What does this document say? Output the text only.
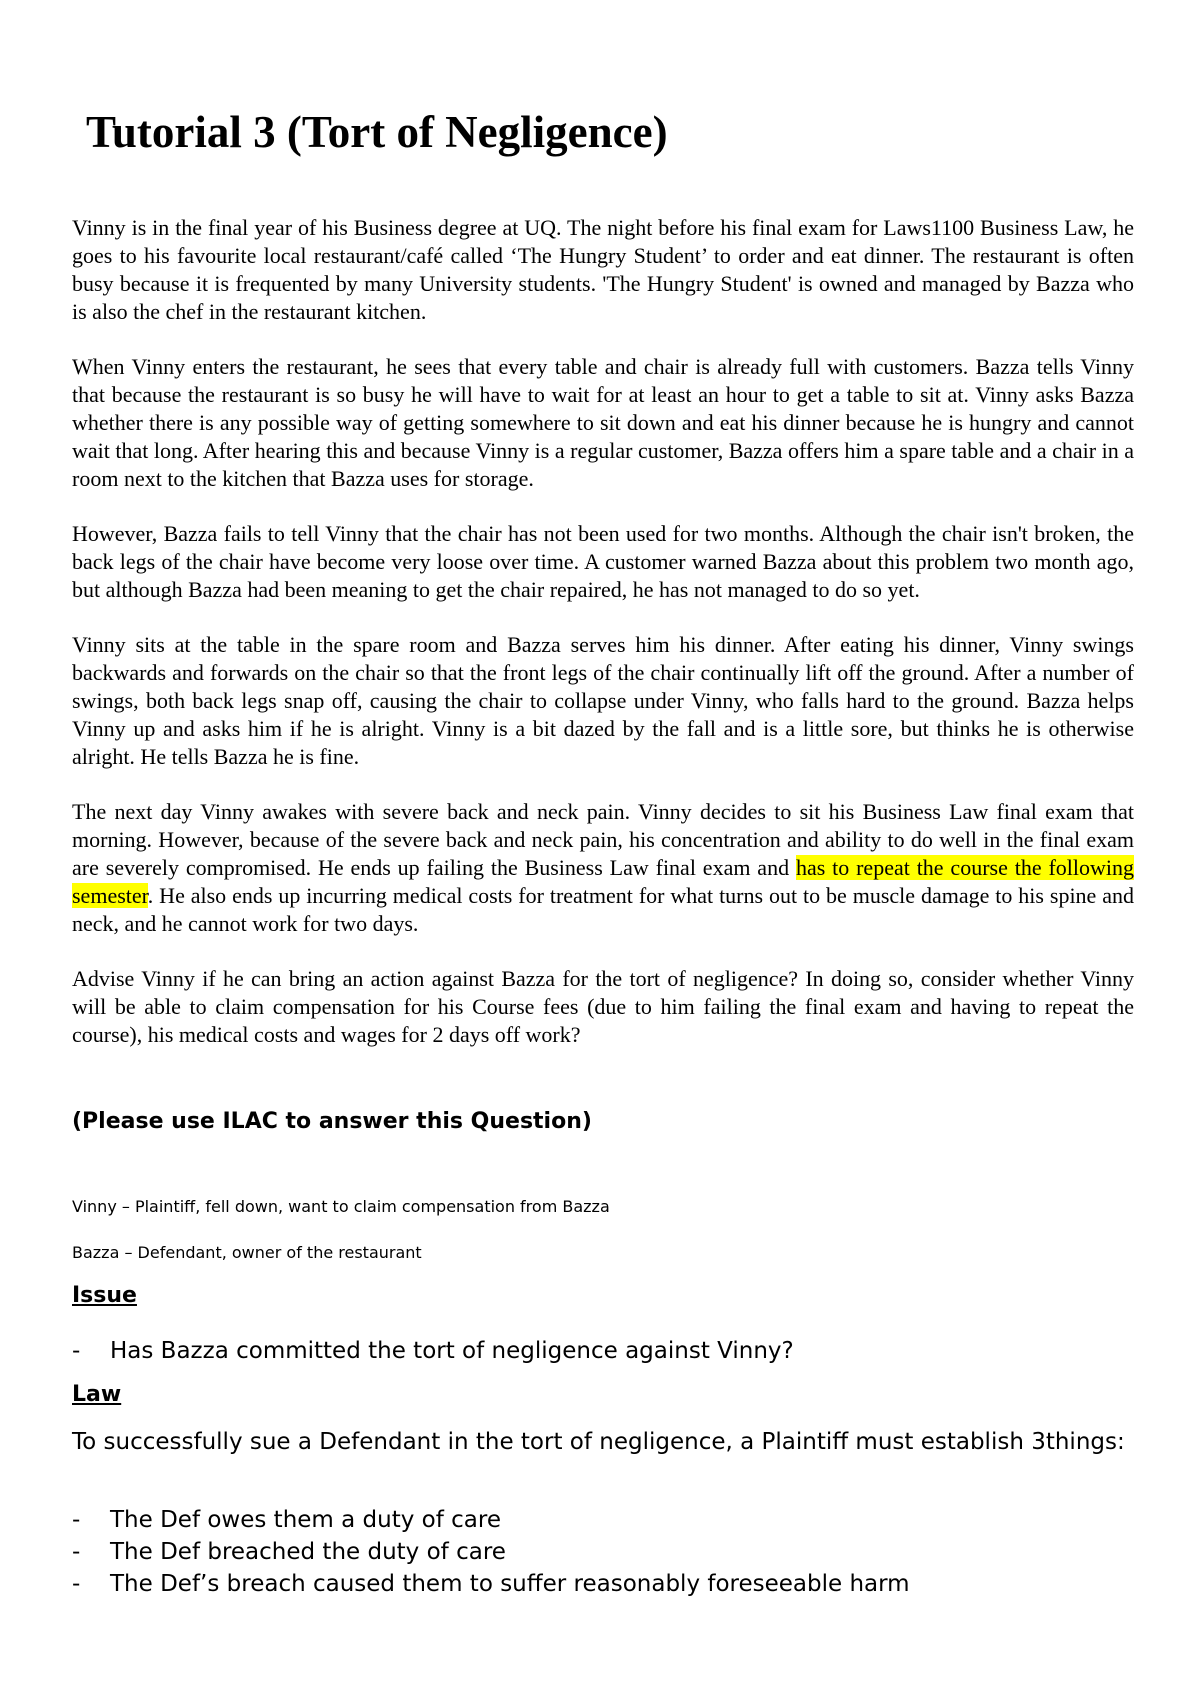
Tutorial 3 (Tort of Negligence)

Vinny is in the final year of his Business degree at UQ. The night before his final exam for Laws1100 Business Law, he goes to his favourite local restaurant/café called ‘The Hungry Student’ to order and eat dinner. The restaurant is often busy because it is frequented by many University students. 'The Hungry Student' is owned and managed by Bazza who is also the chef in the restaurant kitchen.

When Vinny enters the restaurant, he sees that every table and chair is already full with customers. Bazza tells Vinny that because the restaurant is so busy he will have to wait for at least an hour to get a table to sit at. Vinny asks Bazza whether there is any possible way of getting somewhere to sit down and eat his dinner because he is hungry and cannot wait that long. After hearing this and because Vinny is a regular customer, Bazza offers him a spare table and a chair in a room next to the kitchen that Bazza uses for storage.

However, Bazza fails to tell Vinny that the chair has not been used for two months. Although the chair isn't broken, the back legs of the chair have become very loose over time. A customer warned Bazza about this problem two month ago, but although Bazza had been meaning to get the chair repaired, he has not managed to do so yet.

Vinny sits at the table in the spare room and Bazza serves him his dinner. After eating his dinner, Vinny swings backwards and forwards on the chair so that the front legs of the chair continually lift off the ground. After a number of swings, both back legs snap off, causing the chair to collapse under Vinny, who falls hard to the ground. Bazza helps Vinny up and asks him if he is alright. Vinny is a bit dazed by the fall and is a little sore, but thinks he is otherwise alright. He tells Bazza he is fine.

The next day Vinny awakes with severe back and neck pain. Vinny decides to sit his Business Law final exam that morning. However, because of the severe back and neck pain, his concentration and ability to do well in the final exam are severely compromised. He ends up failing the Business Law final exam and has to repeat the course the following semester. He also ends up incurring medical costs for treatment for what turns out to be muscle damage to his spine and neck, and he cannot work for two days.

Advise Vinny if he can bring an action against Bazza for the tort of negligence? In doing so, consider whether Vinny will be able to claim compensation for his Course fees (due to him failing the final exam and having to repeat the course), his medical costs and wages for 2 days off work?

(Please use ILAC to answer this Question)
Vinny – Plaintiff, fell down, want to claim compensation from Bazza
Bazza – Defendant, owner of the restaurant
Issue
-	Has Bazza committed the tort of negligence against Vinny?
Law

To successfully sue a Defendant in the tort of negligence, a Plaintiff must establish 3things:

-	The Def owes them a duty of care
-	The Def breached the duty of care
-	The Def’s breach caused them to suffer reasonably foreseeable harm
